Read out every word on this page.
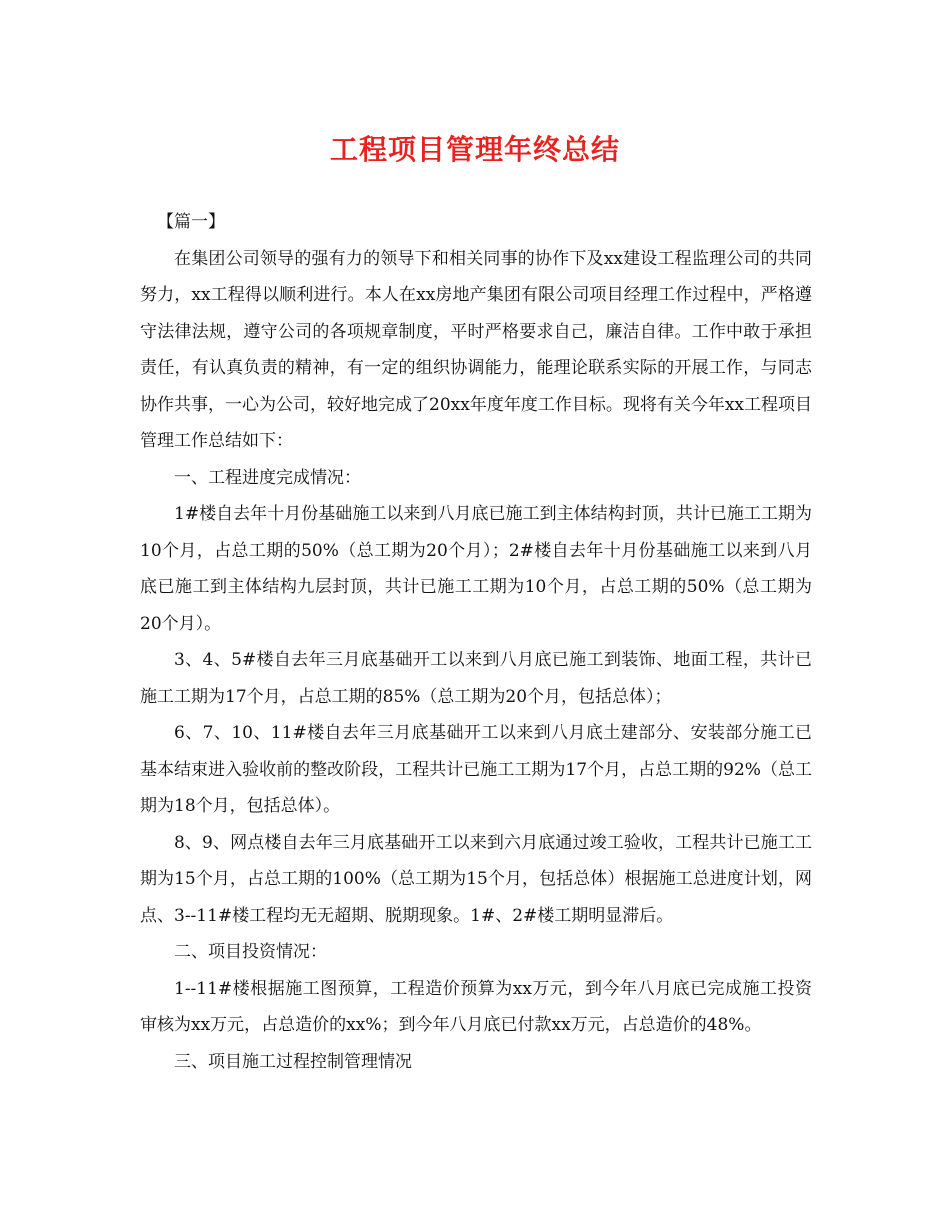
工程项目管理年终总结

【篇一】

在集团公司领导的强有力的领导下和相关同事的协作下及xx建设工程监理公司的共同努力，xx工程得以顺利进行。本人在xx房地产集团有限公司项目经理工作过程中，严格遵守法律法规，遵守公司的各项规章制度，平时严格要求自己，廉洁自律。工作中敢于承担责任，有认真负责的精神，有一定的组织协调能力，能理论联系实际的开展工作，与同志协作共事，一心为公司，较好地完成了20xx年度年度工作目标。现将有关今年xx工程项目管理工作总结如下：

一、工程进度完成情况：

1#楼自去年十月份基础施工以来到八月底已施工到主体结构封顶，共计已施工工期为10个月，占总工期的50%（总工期为20个月）；2#楼自去年十月份基础施工以来到八月底已施工到主体结构九层封顶，共计已施工工期为10个月，占总工期的50%（总工期为20个月）。

3、4、5#楼自去年三月底基础开工以来到八月底已施工到装饰、地面工程，共计已施工工期为17个月，占总工期的85%（总工期为20个月，包括总体）；

6、7、10、11#楼自去年三月底基础开工以来到八月底土建部分、安装部分施工已基本结束进入验收前的整改阶段，工程共计已施工工期为17个月，占总工期的92%（总工期为18个月，包括总体）。

8、9、网点楼自去年三月底基础开工以来到六月底通过竣工验收，工程共计已施工工期为15个月，占总工期的100%（总工期为15个月，包括总体）根据施工总进度计划，网点、3--11#楼工程均无无超期、脱期现象。1#、2#楼工期明显滞后。

二、项目投资情况：

1--11#楼根据施工图预算，工程造价预算为xx万元，到今年八月底已完成施工投资审核为xx万元，占总造价的xx%；到今年八月底已付款xx万元，占总造价的48%。

三、项目施工过程控制管理情况
